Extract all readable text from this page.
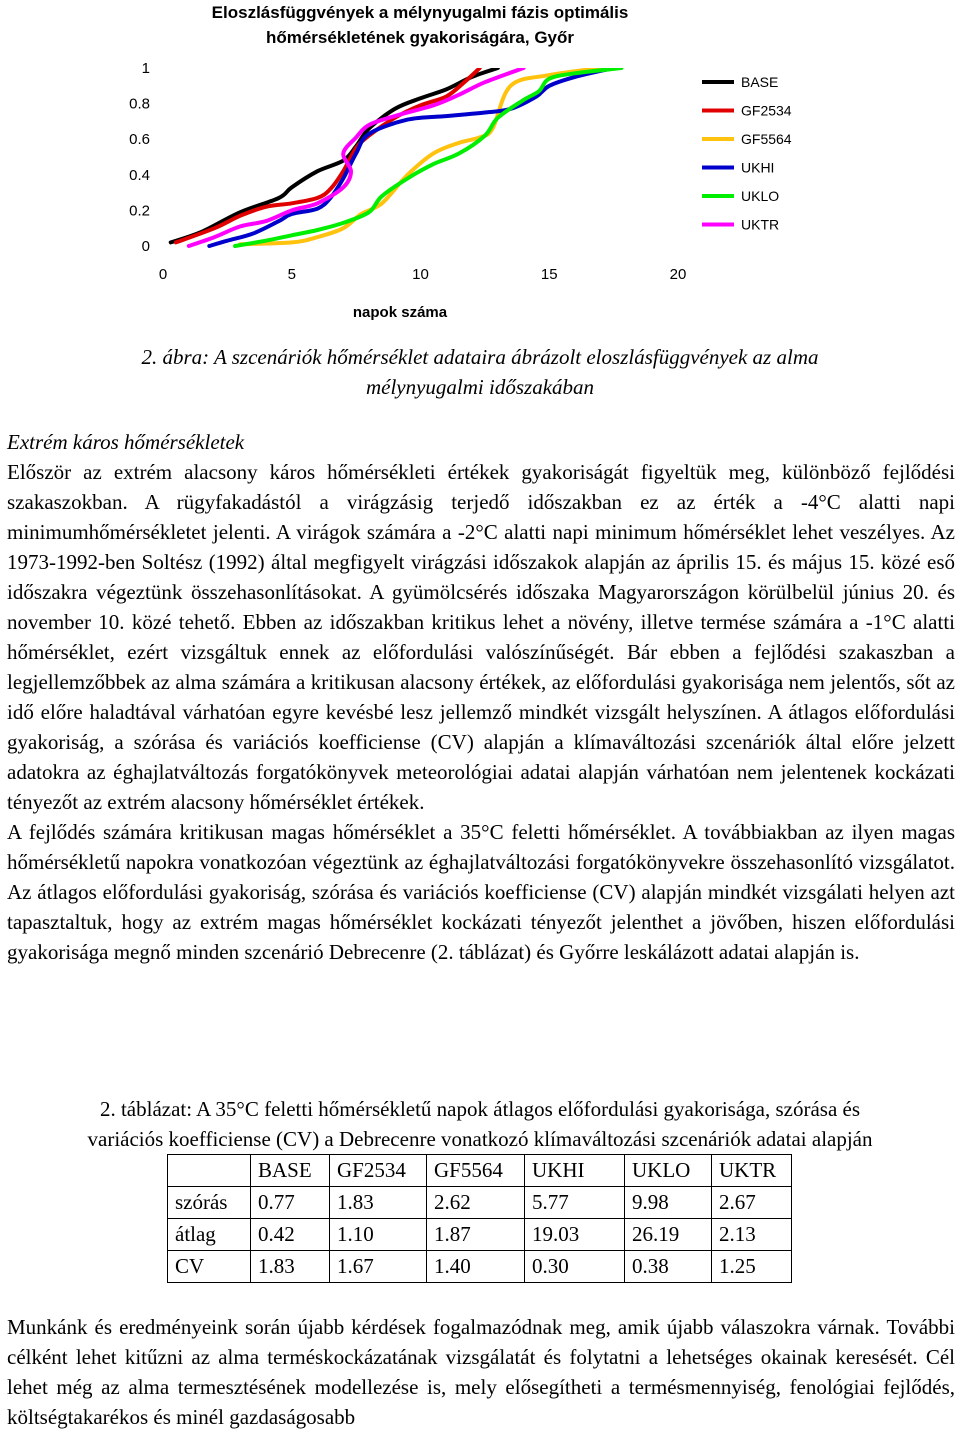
Eloszlásfüggvények a mélynyugalmi fázis optimális
hőmérsékletének gyakoriságára, Győr
0
0.2
0.4
0.6
0.8
1
0	5	10	15	20
BASE
GF2534
GF5564
UKHI
UKLO
UKTR
napok száma
2. ábra: A szcenáriók hőmérséklet adataira ábrázolt eloszlásfüggvények az alma
mélynyugalmi időszakában
Extrém káros hőmérsékletek
Először az extrém alacsony káros hőmérsékleti értékek gyakoriságát figyeltük meg, különböző fejlődési szakaszokban. A rügyfakadástól a virágzásig terjedő időszakban ez az érték a -4°C alatti napi minimumhőmérsékletet jelenti. A virágok számára a -2°C alatti napi minimum hőmérséklet lehet veszélyes. Az 1973-1992-ben Soltész (1992) által megfigyelt virágzási időszakok alapján az április 15. és május 15. közé eső időszakra végeztünk összehasonlításokat. A gyümölcsérés időszaka Magyarországon körülbelül június 20. és november 10. közé tehető. Ebben az időszakban kritikus lehet a növény, illetve termése számára a -1°C alatti hőmérséklet, ezért vizsgáltuk ennek az előfordulási valószínűségét. Bár ebben a fejlődési szakaszban a legjellemzőbbek az alma számára a kritikusan alacsony értékek, az előfordulási gyakorisága nem jelentős, sőt az idő előre haladtával várhatóan egyre kevésbé lesz jellemző mindkét vizsgált helyszínen. A átlagos előfordulási gyakoriság, a szórása és variációs koefficiense (CV) alapján a klímaváltozási szcenáriók által előre jelzett adatokra az éghajlatváltozás forgatókönyvek meteorológiai adatai alapján várhatóan nem jelentenek kockázati tényezőt az extrém alacsony hőmérséklet értékek.
A fejlődés számára kritikusan magas hőmérséklet a 35°C feletti hőmérséklet. A továbbiakban az ilyen magas hőmérsékletű napokra vonatkozóan végeztünk az éghajlatváltozási forgatókönyvekre összehasonlító vizsgálatot. Az átlagos előfordulási gyakoriság, szórása és variációs koefficiense (CV) alapján mindkét vizsgálati helyen azt tapasztaltuk, hogy az extrém magas hőmérséklet kockázati tényezőt jelenthet a jövőben, hiszen előfordulási gyakorisága megnő minden szcenárió Debrecenre (2. táblázat) és Győrre leskálázott adatai alapján is.
2. táblázat: A 35°C feletti hőmérsékletű napok átlagos előfordulási gyakorisága, szórása és
variációs koefficiense (CV) a Debrecenre vonatkozó klímaváltozási szcenáriók adatai alapján
	BASE	GF2534	GF5564	UKHI	UKLO	UKTR
szórás	0.77	1.83	2.62	5.77	9.98	2.67
átlag	0.42	1.10	1.87	19.03	26.19	2.13
CV	1.83	1.67	1.40	0.30	0.38	1.25
Munkánk és eredményeink során újabb kérdések fogalmazódnak meg, amik újabb válaszokra várnak. További célként lehet kitűzni az alma terméskockázatának vizsgálatát és folytatni a lehetséges okainak keresését. Cél lehet még az alma termesztésének modellezése is, mely elősegítheti a termésmennyiség, fenológiai fejlődés, költségtakarékos és minél gazdaságosabb
